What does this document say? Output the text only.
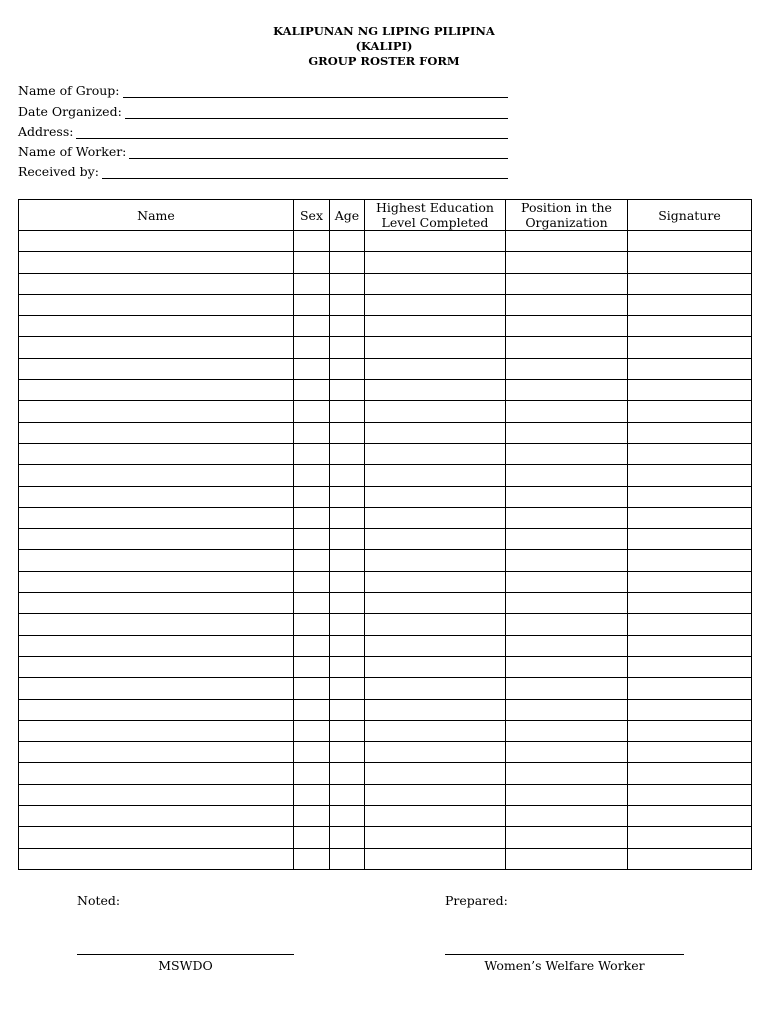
KALIPUNAN NG LIPING PILIPINA
(KALIPI)
GROUP ROSTER FORM
Name of Group:
Date Organized:
Address:
Name of Worker:
Received by:
Name	Sex	Age	Highest Education Level Completed	Position in the Organization	Signature

Noted:	Prepared:
MSWDO	Women’s Welfare Worker
